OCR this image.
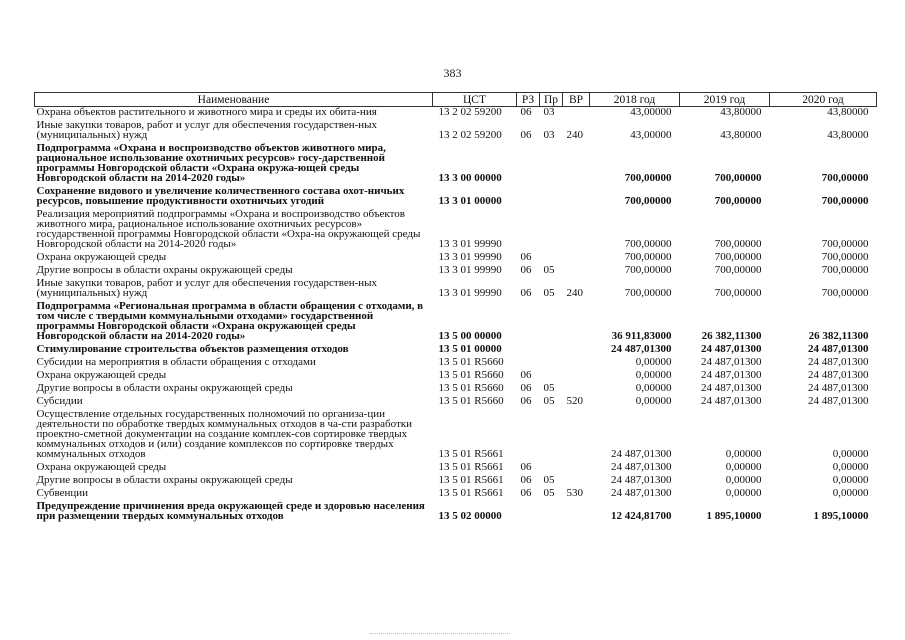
383
Наименование	ЦСТ	РЗ	Пр	ВР	2018 год	2019 год	2020 год
Охрана объектов растительного и животного мира и среды их обита-ния	13 2 02 59200	06	03		43,00000	43,80000	43,80000
Иные закупки товаров, работ и услуг для обеспечения государствен-ных (муниципальных) нужд	13 2 02 59200	06	03	240	43,00000	43,80000	43,80000
Подпрограмма «Охрана и воспроизводство объектов животного мира, рациональное использование охотничьих ресурсов» госу-дарственной программы Новгородской области «Охрана окружа-ющей среды Новгородской области на 2014-2020 годы»	13 3 00 00000				700,00000	700,00000	700,00000
Сохранение видового и увеличение количественного состава охот-ничьих ресурсов, повышение продуктивности охотничьих угодий	13 3 01 00000				700,00000	700,00000	700,00000
Реализация мероприятий подпрограммы «Охрана и воспроизводство объектов животного мира, рациональное использование охотничьих ресурсов» государственной программы Новгородской области «Охра-на окружающей среды Новгородской области на 2014-2020 годы»	13 3 01 99990				700,00000	700,00000	700,00000
Охрана окружающей среды	13 3 01 99990	06			700,00000	700,00000	700,00000
Другие вопросы в области охраны окружающей среды	13 3 01 99990	06	05		700,00000	700,00000	700,00000
Иные закупки товаров, работ и услуг для обеспечения государствен-ных (муниципальных) нужд	13 3 01 99990	06	05	240	700,00000	700,00000	700,00000
Подпрограмма «Региональная программа в области обращения с отходами, в том числе с твердыми коммунальными отходами» государственной программы Новгородской области «Охрана окружающей среды Новгородской области на 2014-2020 годы»	13 5 00 00000				36 911,83000	26 382,11300	26 382,11300
Стимулирование строительства объектов размещения отходов	13 5 01 00000				24 487,01300	24 487,01300	24 487,01300
Субсидии на мероприятия в области обращения с отходами	13 5 01 R5660				0,00000	24 487,01300	24 487,01300
Охрана окружающей среды	13 5 01 R5660	06			0,00000	24 487,01300	24 487,01300
Другие вопросы в области охраны окружающей среды	13 5 01 R5660	06	05		0,00000	24 487,01300	24 487,01300
Субсидии	13 5 01 R5660	06	05	520	0,00000	24 487,01300	24 487,01300
Осуществление отдельных государственных полномочий по организа-ции деятельности по обработке твердых коммунальных отходов в ча-сти разработки проектно-сметной документации на создание комплек-сов сортировке твердых коммунальных отходов и (или) создание комплексов по сортировке твердых коммунальных отходов	13 5 01 R5661				24 487,01300	0,00000	0,00000
Охрана окружающей среды	13 5 01 R5661	06			24 487,01300	0,00000	0,00000
Другие вопросы в области охраны окружающей среды	13 5 01 R5661	06	05		24 487,01300	0,00000	0,00000
Субвенции	13 5 01 R5661	06	05	530	24 487,01300	0,00000	0,00000
Предупреждение причинения вреда окружающей среде и здоровью населения при размещении твердых коммунальных отходов	13 5 02 00000				12 424,81700	1 895,10000	1 895,10000
